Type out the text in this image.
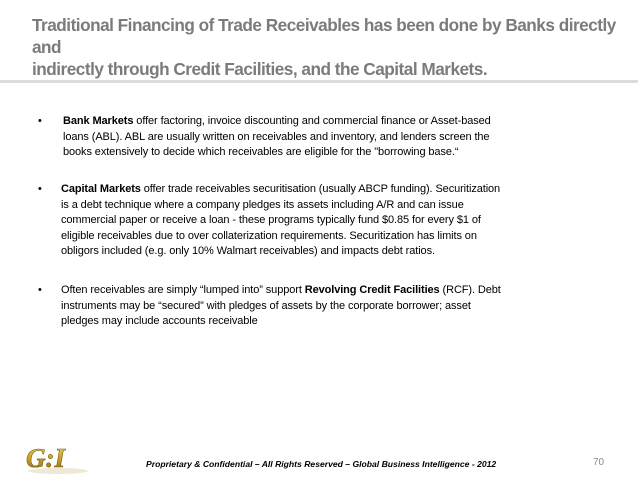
Traditional Financing of Trade Receivables has been done by Banks directly and
indirectly through Credit Facilities, and the Capital Markets.
•	Bank Markets offer factoring, invoice discounting and commercial finance or Asset-based
loans (ABL). ABL are usually written on receivables and inventory, and lenders screen the
books extensively to decide which receivables are eligible for the "borrowing base.“
•	Capital Markets offer trade receivables securitisation (usually ABCP funding). Securitization
is a debt technique where a company pledges its assets including A/R and can issue
commercial paper or receive a loan - these programs typically fund $0.85 for every $1 of
eligible receivables due to over collaterization requirements. Securitization has limits on
obligors included (e.g. only 10% Walmart receivables) and impacts debt ratios.
•	Often receivables are simply “lumped into” support Revolving Credit Facilities (RCF). Debt
instruments may be “secured” with pledges of assets by the corporate borrower; asset
pledges may include accounts receivable
G:I	Proprietary & Confidential – All Rights Reserved – Global Business Intelligence - 2012	70
